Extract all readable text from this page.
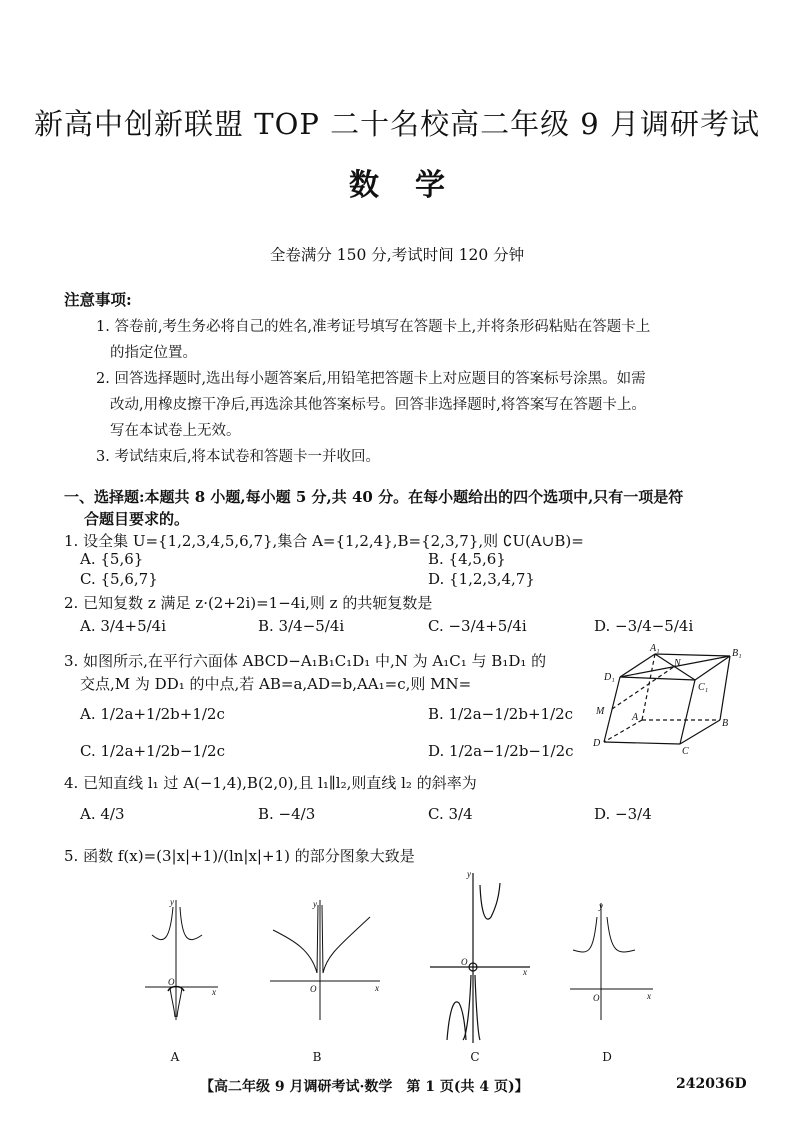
新高中创新联盟 TOP 二十名校高二年级 9 月调研考试
数学
全卷满分 150 分,考试时间 120 分钟
注意事项:
1. 答卷前,考生务必将自己的姓名,准考证号填写在答题卡上,并将条形码粘贴在答题卡上
的指定位置。
2. 回答选择题时,选出每小题答案后,用铅笔把答题卡上对应题目的答案标号涂黑。如需
改动,用橡皮擦干净后,再选涂其他答案标号。回答非选择题时,将答案写在答题卡上。
写在本试卷上无效。
3. 考试结束后,将本试卷和答题卡一并收回。
一、选择题:本题共 8 小题,每小题 5 分,共 40 分。在每小题给出的四个选项中,只有一项是符
合题目要求的。
1. 设全集 U={1,2,3,4,5,6,7},集合 A={1,2,4},B={2,3,7},则 ∁U(A∪B)=
A. {5,6}	B. {4,5,6}
C. {5,6,7}	D. {1,2,3,4,7}
2. 已知复数 z 满足 z·(2+2i)=1−4i,则 z 的共轭复数是
A. 3/4+5/4i	B. 3/4−5/4i	C. −3/4+5/4i	D. −3/4−5/4i
3. 如图所示,在平行六面体 ABCD−A₁B₁C₁D₁ 中,N 为 A₁C₁ 与 B₁D₁ 的
交点,M 为 DD₁ 的中点,若 AB=a,AD=b,AA₁=c,则 MN=
A. 1/2a+1/2b+1/2c	B. 1/2a−1/2b+1/2c
C. 1/2a+1/2b−1/2c	D. 1/2a−1/2b−1/2c
A₁
N
B₁
D₁
C₁
M
A
B
D
C
4. 已知直线 l₁ 过 A(−1,4),B(2,0),且 l₁∥l₂,则直线 l₂ 的斜率为
A. 4/3	B. −4/3	C. 3/4	D. −3/4
5. 函数 f(x)=(3|x|+1)/(ln|x|+1) 的部分图象大致是
y
x
O
A
y
x
O
B
y
x
O
C
y
x
O
D
【高二年级 9 月调研考试·数学　第 1 页(共 4 页)】	242036D
